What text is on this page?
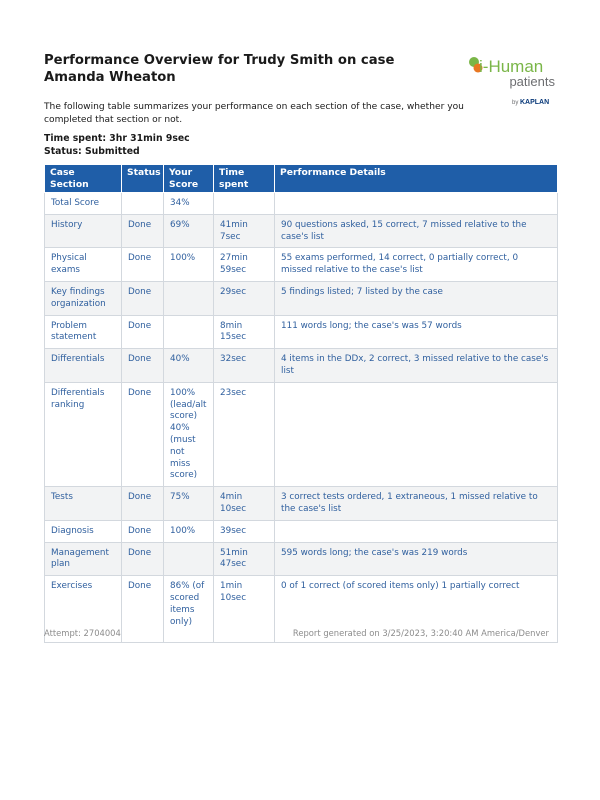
Performance Overview for Trudy Smith on case Amanda Wheaton
i-Human
patients
by KAPLAN
The following table summarizes your performance on each section of the case, whether you completed that section or not.
Time spent: 3hr 31min 9sec
Status: Submitted
Case Section	Status	Your Score	Time spent	Performance Details
Total Score		34%		
History	Done	69%	41min 7sec	90 questions asked, 15 correct, 7 missed relative to the case's list
Physical exams	Done	100%	27min 59sec	55 exams performed, 14 correct, 0 partially correct, 0 missed relative to the case's list
Key findings organization	Done		29sec	5 findings listed; 7 listed by the case
Problem statement	Done		8min 15sec	111 words long; the case's was 57 words
Differentials	Done	40%	32sec	4 items in the DDx, 2 correct, 3 missed relative to the case's list
Differentials ranking	Done	100% (lead/alt score) 40% (must not miss score)	23sec	
Tests	Done	75%	4min 10sec	3 correct tests ordered, 1 extraneous, 1 missed relative to the case's list
Diagnosis	Done	100%	39sec	
Management plan	Done		51min 47sec	595 words long; the case's was 219 words
Exercises	Done	86% (of scored items only)	1min 10sec	0 of 1 correct (of scored items only) 1 partially correct
Attempt: 2704004	Report generated on 3/25/2023, 3:20:40 AM America/Denver
